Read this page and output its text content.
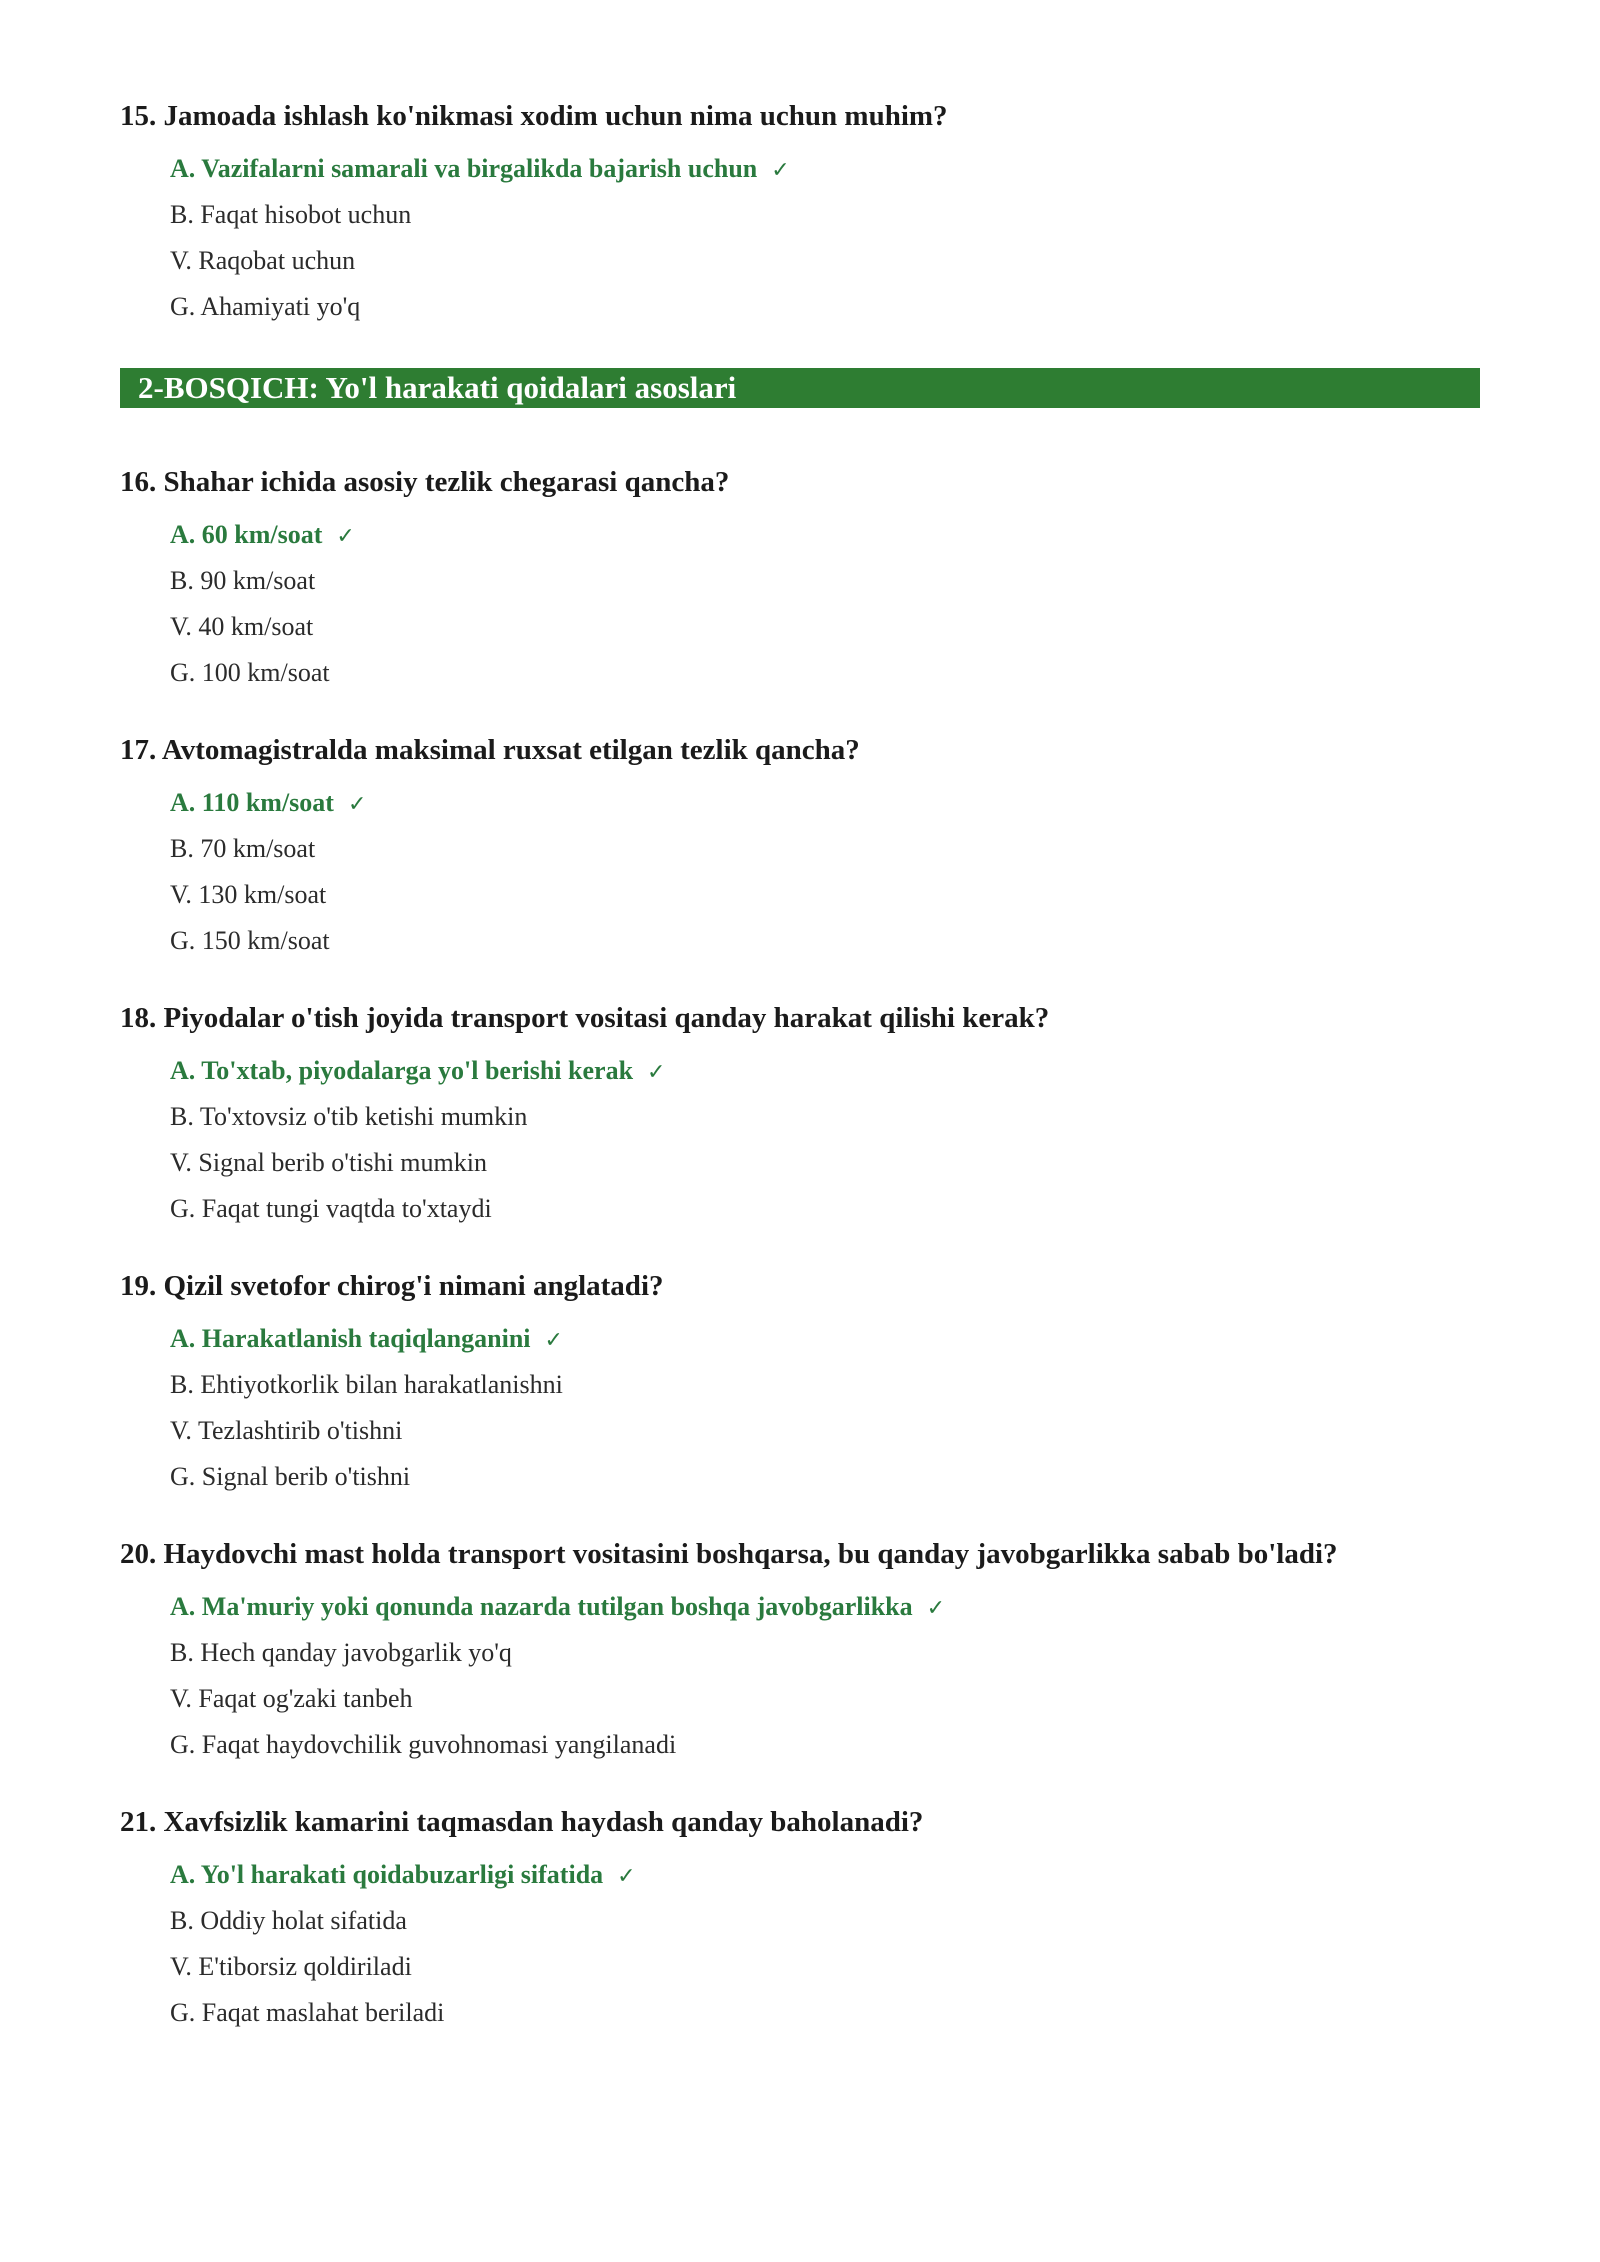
15. Jamoada ishlash ko'nikmasi xodim uchun nima uchun muhim?

A. Vazifalarni samarali va birgalikda bajarish uchun ✓
B. Faqat hisobot uchun
V. Raqobat uchun
G. Ahamiyati yo'q
2-BOSQICH: Yo'l harakati qoidalari asoslari

16. Shahar ichida asosiy tezlik chegarasi qancha?

A. 60 km/soat ✓
B. 90 km/soat
V. 40 km/soat
G. 100 km/soat

17. Avtomagistralda maksimal ruxsat etilgan tezlik qancha?

A. 110 km/soat ✓
B. 70 km/soat
V. 130 km/soat
G. 150 km/soat

18. Piyodalar o'tish joyida transport vositasi qanday harakat qilishi kerak?

A. To'xtab, piyodalarga yo'l berishi kerak ✓
B. To'xtovsiz o'tib ketishi mumkin
V. Signal berib o'tishi mumkin
G. Faqat tungi vaqtda to'xtaydi

19. Qizil svetofor chirog'i nimani anglatadi?

A. Harakatlanish taqiqlanganini ✓
B. Ehtiyotkorlik bilan harakatlanishni
V. Tezlashtirib o'tishni
G. Signal berib o'tishni

20. Haydovchi mast holda transport vositasini boshqarsa, bu qanday javobgarlikka sabab bo'ladi?

A. Ma'muriy yoki qonunda nazarda tutilgan boshqa javobgarlikka ✓
B. Hech qanday javobgarlik yo'q
V. Faqat og'zaki tanbeh
G. Faqat haydovchilik guvohnomasi yangilanadi

21. Xavfsizlik kamarini taqmasdan haydash qanday baholanadi?

A. Yo'l harakati qoidabuzarligi sifatida ✓
B. Oddiy holat sifatida
V. E'tiborsiz qoldiriladi
G. Faqat maslahat beriladi
